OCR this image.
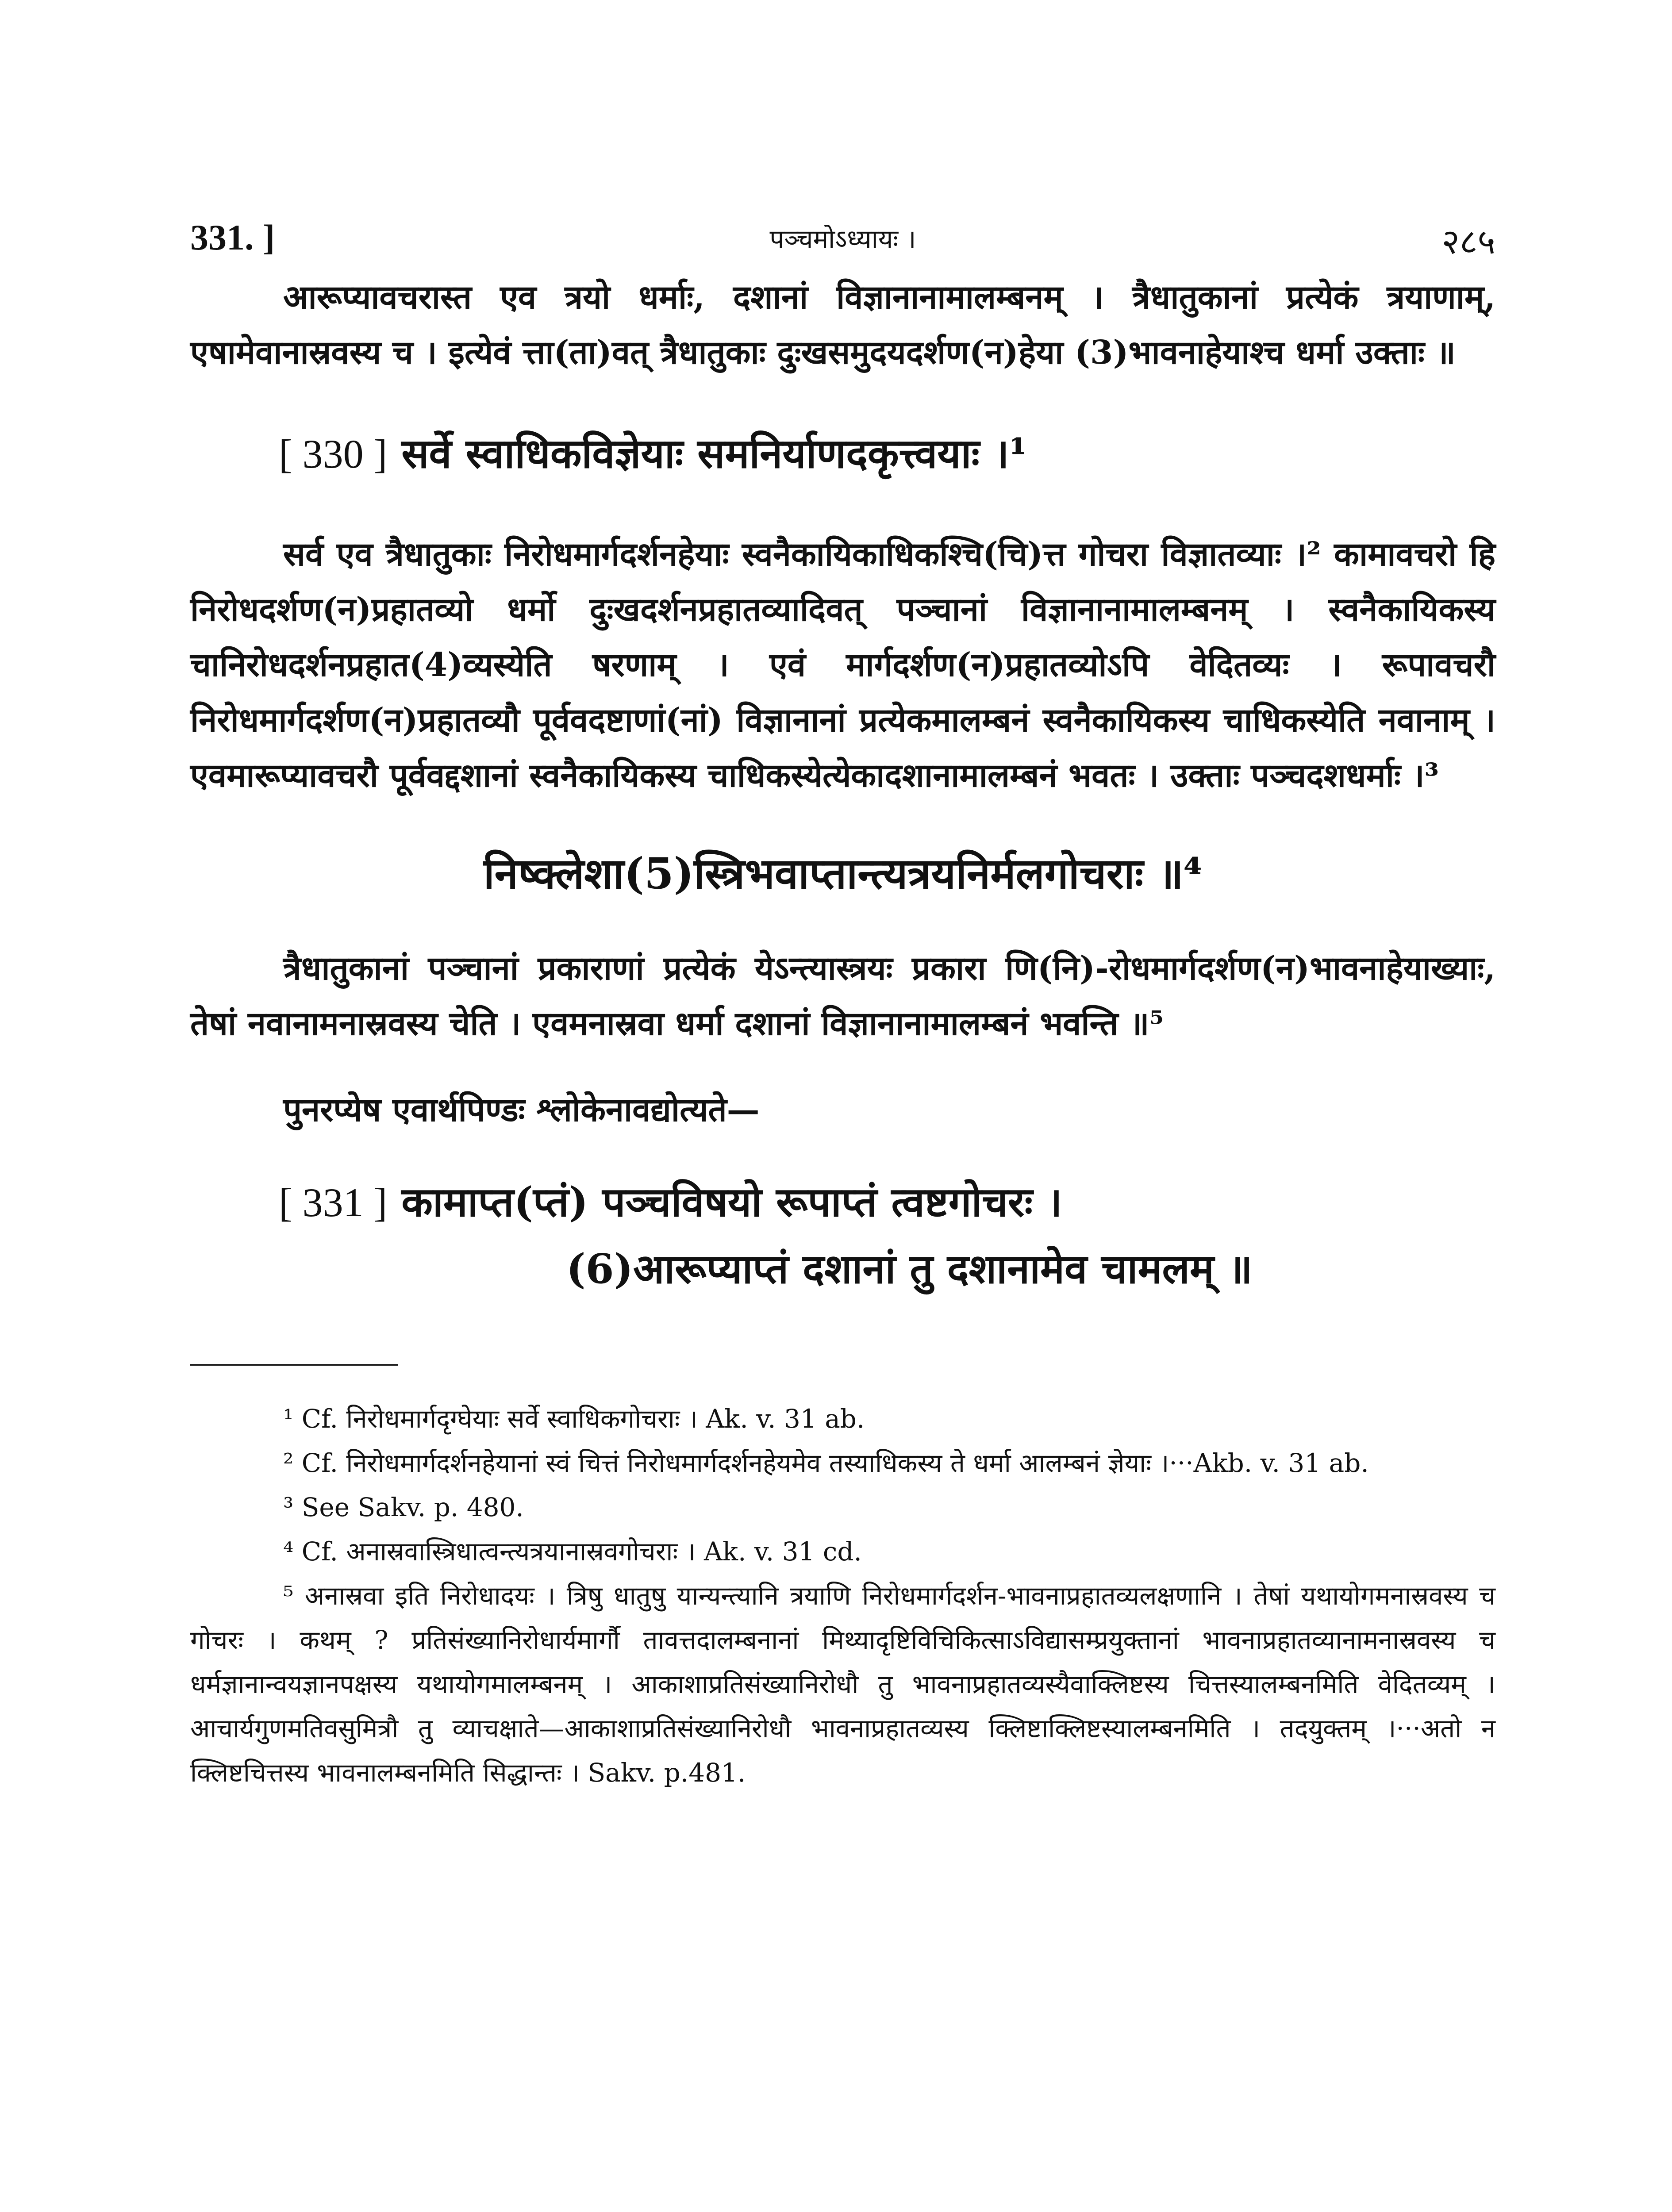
331. ]	पञ्चमोऽध्यायः ।	२८५

आरूप्यावचरास्त एव त्रयो धर्माः, दशानां विज्ञानानामालम्बनम् । त्रैधातुकानां प्रत्येकं त्रयाणाम्, एषामेवानास्रवस्य च । इत्येवं त्ता(ता)वत् त्रैधातुकाः दुःखसमुदयदर्शण(न)हेया (3)भावनाहेयाश्च धर्मा उक्ताः ॥

[ 330 ] सर्वे स्वाधिकविज्ञेयाः समनिर्याणदकृत्त्वयाः ।¹

सर्व एव त्रैधातुकाः निरोधमार्गदर्शनहेयाः स्वनैकायिकाधिकश्चि(चि)त्त गोचरा विज्ञातव्याः ।² कामावचरो हि निरोधदर्शण(न)प्रहातव्यो धर्मो दुःखदर्शनप्रहातव्यादिवत् पञ्चानां विज्ञानानामालम्बनम् । स्वनैकायिकस्य चानिरोधदर्शनप्रहात(4)व्यस्येति षरणाम् । एवं मार्गदर्शण(न)प्रहातव्योऽपि वेदितव्यः । रूपावचरौ निरोधमार्गदर्शण(न)प्रहातव्यौ पूर्ववदष्टाणां(नां) विज्ञानानां प्रत्येकमालम्बनं स्वनैकायिकस्य चाधिकस्येति नवानाम् । एवमारूप्यावचरौ पूर्ववद्दशानां स्वनैकायिकस्य चाधिकस्येत्येकादशानामालम्बनं भवतः । उक्ताः पञ्चदशधर्माः ।³

निष्क्लेशा(5)स्त्रिभवाप्तान्त्यत्रयनिर्मलगोचराः ॥⁴

त्रैधातुकानां पञ्चानां प्रकाराणां प्रत्येकं येऽन्त्यास्त्रयः प्रकारा णि(नि)-रोधमार्गदर्शण(न)भावनाहेयाख्याः, तेषां नवानामनास्रवस्य चेति । एवमनास्रवा धर्मा दशानां विज्ञानानामालम्बनं भवन्ति ॥⁵

पुनरप्येष एवार्थपिण्डः श्लोकेनावद्योत्यते—

[ 331 ] कामाप्त(प्तं) पञ्चविषयो रूपाप्तं त्वष्टगोचरः ।

(6)आरूप्याप्तं दशानां तु दशानामेव चामलम् ॥

¹ Cf. निरोधमार्गदृग्घेयाः सर्वे स्वाधिकगोचराः । Ak. v. 31 ab.

² Cf. निरोधमार्गदर्शनहेयानां स्वं चित्तं निरोधमार्गदर्शनहेयमेव तस्याधिकस्य ते धर्मा आलम्बनं ज्ञेयाः ।···Akb. v. 31 ab.

³ See Sakv. p. 480.

⁴ Cf. अनास्रवास्त्रिधात्वन्त्यत्रयानास्रवगोचराः । Ak. v. 31 cd.

⁵ अनास्रवा इति निरोधादयः । त्रिषु धातुषु यान्यन्त्यानि त्रयाणि निरोधमार्गदर्शन-भावनाप्रहातव्यलक्षणानि । तेषां यथायोगमनास्रवस्य च गोचरः । कथम् ? प्रतिसंख्यानिरोधार्यमार्गौ तावत्तदालम्बनानां मिथ्यादृष्टिविचिकित्साऽविद्यासम्प्रयुक्तानां भावनाप्रहातव्यानामनास्रवस्य च धर्मज्ञानान्वयज्ञानपक्षस्य यथायोगमालम्बनम् । आकाशाप्रतिसंख्यानिरोधौ तु भावनाप्रहातव्यस्यैवाक्लिष्टस्य चित्तस्यालम्बनमिति वेदितव्यम् । आचार्यगुणमतिवसुमित्रौ तु व्याचक्षाते—आकाशाप्रतिसंख्यानिरोधौ भावनाप्रहातव्यस्य क्लिष्टाक्लिष्टस्यालम्बनमिति । तदयुक्तम् ।···अतो न क्लिष्टचित्तस्य भावनालम्बनमिति सिद्धान्तः । Sakv. p.481.
